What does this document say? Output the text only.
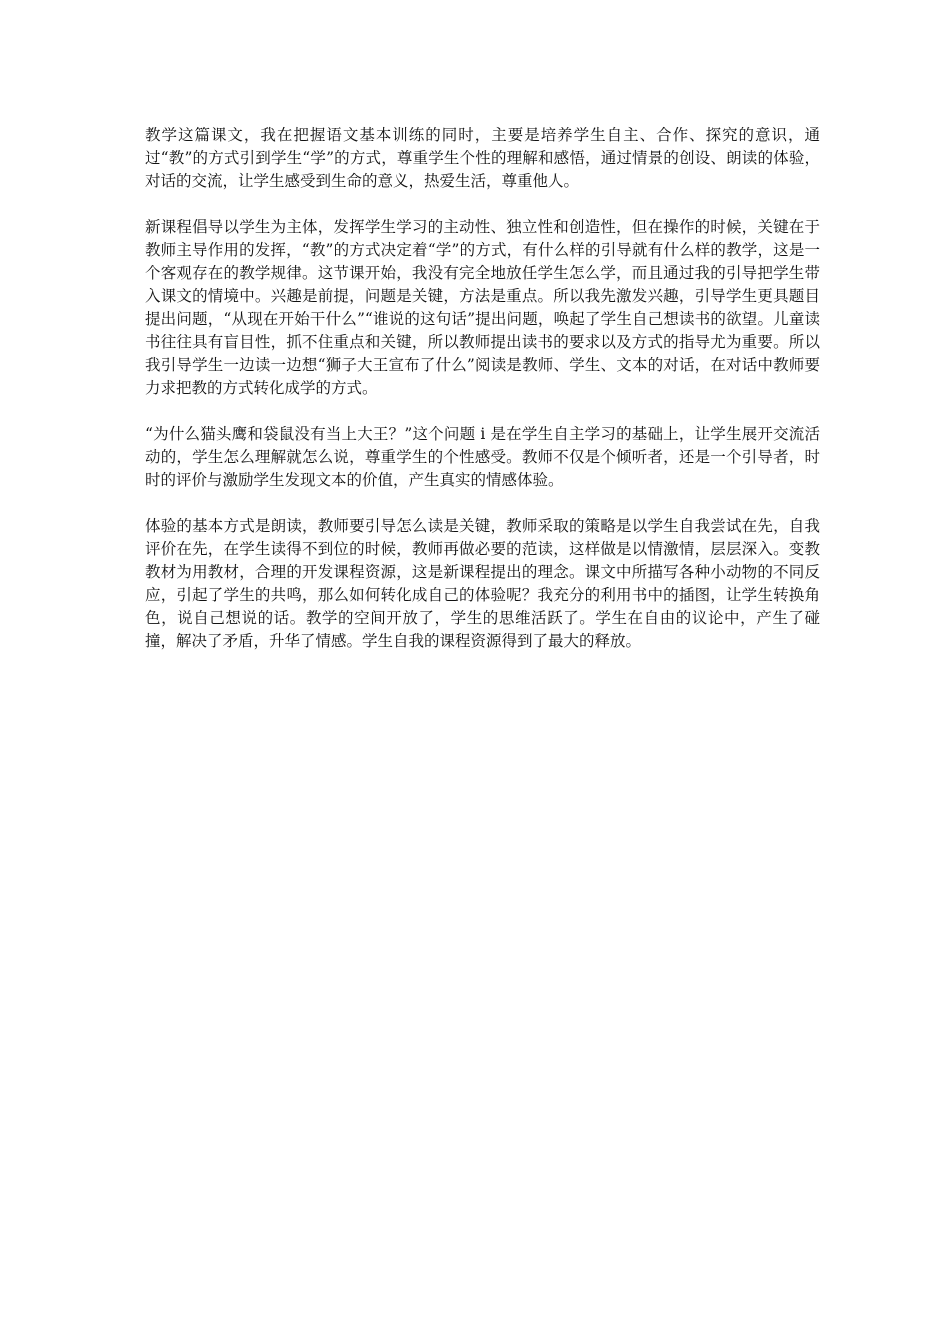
教学这篇课文，我在把握语文基本训练的同时，主要是培养学生自主、合作、探究的意识，通过“教”的方式引到学生“学”的方式，尊重学生个性的理解和感悟，通过情景的创设、朗读的体验，对话的交流，让学生感受到生命的意义，热爱生活，尊重他人。

新课程倡导以学生为主体，发挥学生学习的主动性、独立性和创造性，但在操作的时候，关键在于教师主导作用的发挥，“教”的方式决定着“学”的方式，有什么样的引导就有什么样的教学，这是一个客观存在的教学规律。这节课开始，我没有完全地放任学生怎么学，而且通过我的引导把学生带入课文的情境中。兴趣是前提，问题是关键，方法是重点。所以我先激发兴趣，引导学生更具题目提出问题，“从现在开始干什么”“谁说的这句话”提出问题，唤起了学生自己想读书的欲望。儿童读书往往具有盲目性，抓不住重点和关键，所以教师提出读书的要求以及方式的指导尤为重要。所以我引导学生一边读一边想“狮子大王宣布了什么”阅读是教师、学生、文本的对话，在对话中教师要力求把教的方式转化成学的方式。

“为什么猫头鹰和袋鼠没有当上大王？”这个问题 i 是在学生自主学习的基础上，让学生展开交流活动的，学生怎么理解就怎么说，尊重学生的个性感受。教师不仅是个倾听者，还是一个引导者，时时的评价与激励学生发现文本的价值，产生真实的情感体验。

体验的基本方式是朗读，教师要引导怎么读是关键，教师采取的策略是以学生自我尝试在先，自我评价在先，在学生读得不到位的时候，教师再做必要的范读，这样做是以情激情，层层深入。变教教材为用教材，合理的开发课程资源，这是新课程提出的理念。课文中所描写各种小动物的不同反应，引起了学生的共鸣，那么如何转化成自己的体验呢？我充分的利用书中的插图，让学生转换角色，说自己想说的话。教学的空间开放了，学生的思维活跃了。学生在自由的议论中，产生了碰撞，解决了矛盾，升华了情感。学生自我的课程资源得到了最大的释放。
